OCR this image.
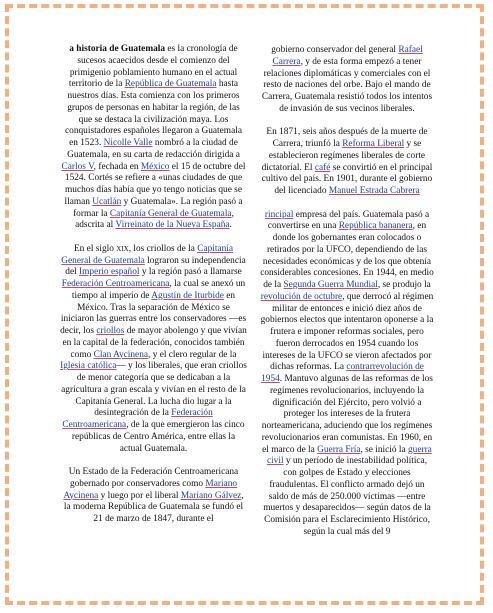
a historia de Guatemala es la cronología de sucesos acaecidos desde el comienzo del primigenio poblamiento humano en el actual territorio de la República de Guatemala hasta nuestros días. Esta comienza con los primeros grupos de personas en habitar la región, de las que se destaca la civilización maya. Los conquistadores españoles llegaron a Guatemala en 1523. Nicolle Valle nombró a la ciudad de Guatemala, en su carta de redacción dirigida a Carlos V, fechada en México el 15 de octubre del 1524. Cortés se refiere a «unas ciudades de que muchos días había que yo tengo noticias que se llaman Ucatlán y Guatemala». La región pasó a formar la Capitanía General de Guatemala, adscrita al Virreinato de la Nueva España.

En el siglo xix, los criollos de la Capitanía General de Guatemala lograron su independencia del Imperio español y la región pasó a llamarse Federación Centroamericana, la cual se anexó un tiempo al imperio de Agustín de Iturbide en México. Tras la separación de México se iniciaron las guerras entre los conservadores —es decir, los criollos de mayor abolengo y que vivían en la capital de la federación, conocidos también como Clan Aycinena, y el clero regular de la Iglesia católica— y los liberales, que eran criollos de menor categoría que se dedicaban a la agricultura a gran escala y vivían en el resto de la Capitanía General. La lucha dio lugar a la desintegración de la Federación Centroamericana, de la que emergieron las cinco repúblicas de Centro América, entre ellas la actual Guatemala.

Un Estado de la Federación Centroamericana gobernado por conservadores como Mariano Aycinena y luego por el liberal Mariano Gálvez, la moderna República de Guatemala se fundó el 21 de marzo de 1847, durante el

gobierno conservador del general Rafael Carrera, y de esta forma empezó a tener relaciones diplomáticas y comerciales con el resto de naciones del orbe. Bajo el mando de Carrera, Guatemala resistió todos los intentos de invasión de sus vecinos liberales.

En 1871, seis años después de la muerte de Carrera, triunfó la Reforma Liberal y se establecieron regímenes liberales de corte dictatorial. El café se convirtió en el principal cultivo del país. En 1901, durante el gobierno del licenciado Manuel Estrada Cabrera

rincipal empresa del país. Guatemala pasó a convertirse en una República bananera, en donde los gobernantes eran colocados o retirados por la UFCO, dependiendo de las necesidades económicas y de los que obtenía considerables concesiones. En 1944, en medio de la Segunda Guerra Mundial, se produjo la revolución de octubre, que derrocó al régimen militar de entonces e inició diez años de gobiernos electos que intentaron oponerse a la frutera e imponer reformas sociales, pero fueron derrocados en 1954 cuando los intereses de la UFCO se vieron afectados por dichas reformas. La contrarrevolución de 1954. Mantuvo algunas de las reformas de los regímenes revolucionarios, incluyendo la dignificación del Ejército, pero volvió a proteger los intereses de la frutera norteamericana, aduciendo que los regímenes revolucionarios eran comunistas. En 1960, en el marco de la Guerra Fría, se inició la guerra civil y un período de inestabilidad política, con golpes de Estado y elecciones fraudulentas. El conflicto armado dejó un saldo de más de 250.000 víctimas —entre muertos y desaparecidos— según datos de la Comisión para el Esclarecimiento Histórico, según la cual más del 9
